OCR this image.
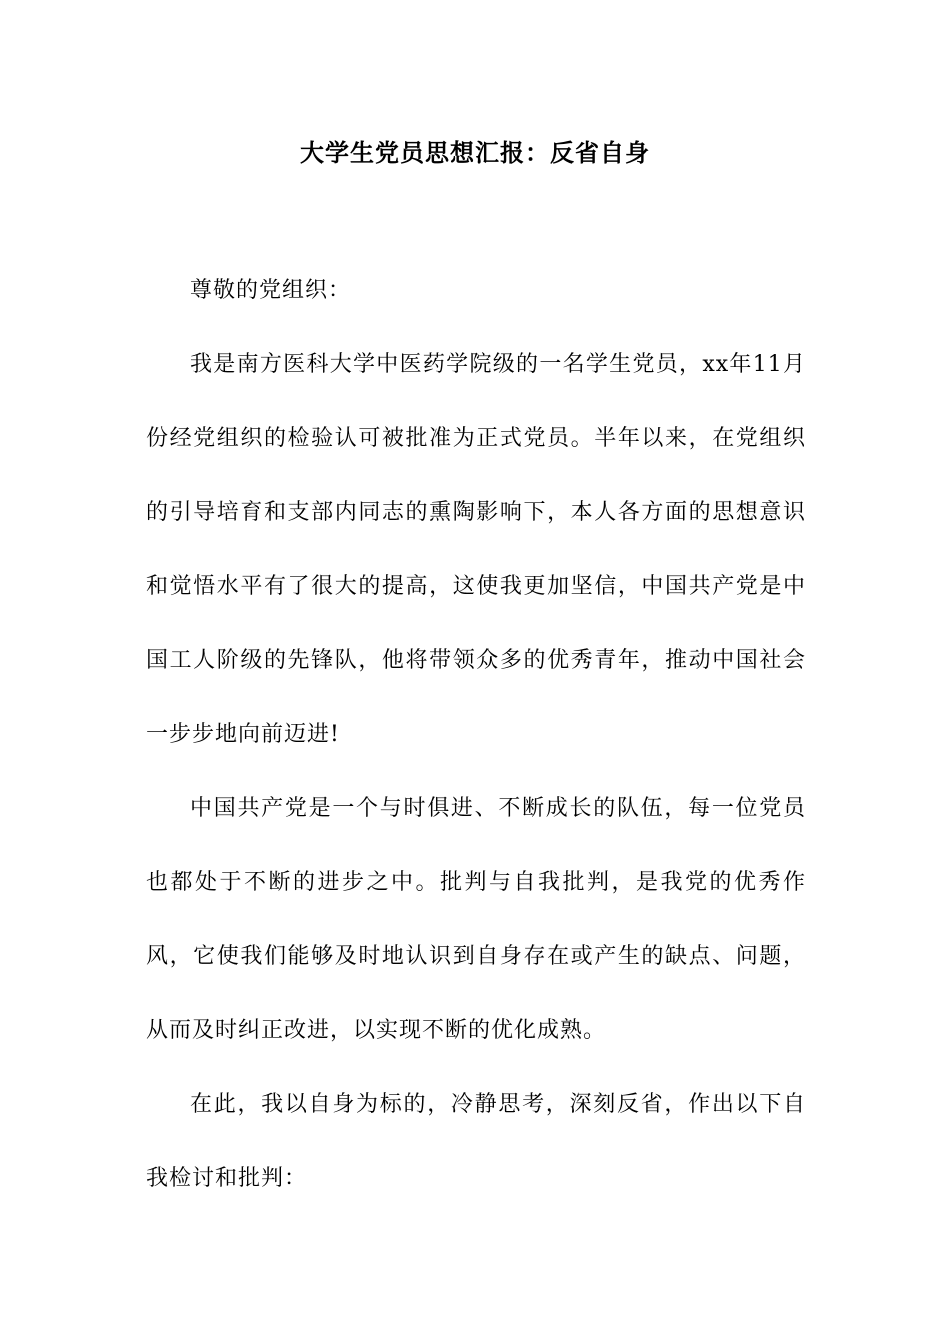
大学生党员思想汇报：反省自身

尊敬的党组织：

我是南方医科大学中医药学院级的一名学生党员，xx年11月份经党组织的检验认可被批准为正式党员。半年以来，在党组织的引导培育和支部内同志的熏陶影响下，本人各方面的思想意识和觉悟水平有了很大的提高，这使我更加坚信，中国共产党是中国工人阶级的先锋队，他将带领众多的优秀青年，推动中国社会一步步地向前迈进!

中国共产党是一个与时俱进、不断成长的队伍，每一位党员也都处于不断的进步之中。批判与自我批判，是我党的优秀作风，它使我们能够及时地认识到自身存在或产生的缺点、问题，从而及时纠正改进，以实现不断的优化成熟。

在此，我以自身为标的，冷静思考，深刻反省，作出以下自我检讨和批判：
